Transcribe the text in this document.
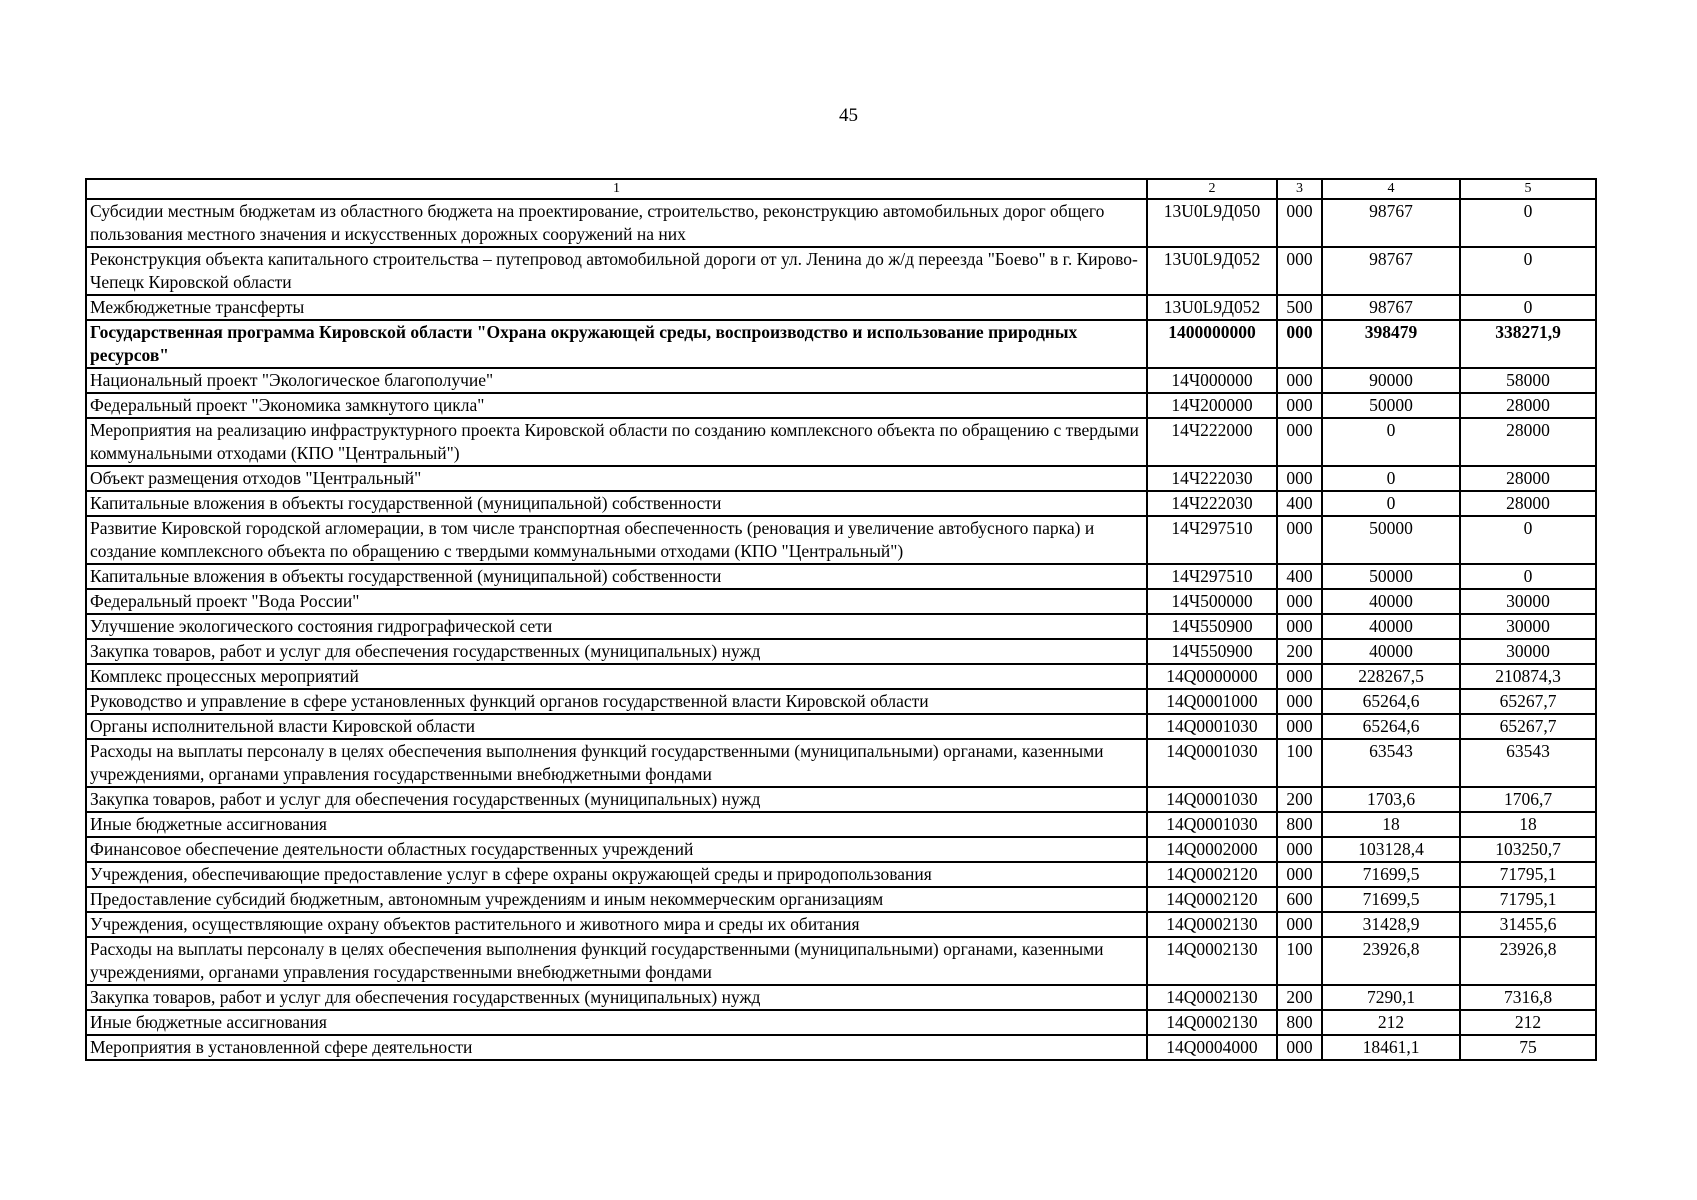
45
1	2	3	4	5
Субсидии местным бюджетам из областного бюджета на проектирование, строительство, реконструкцию автомобильных дорог общего пользования местного значения и искусственных дорожных сооружений на них	13U0L9Д050	000	98767	0
Реконструкция объекта капитального строительства – путепровод автомобильной дороги от ул. Ленина до ж/д переезда "Боево" в г. Кирово-Чепецк Кировской области	13U0L9Д052	000	98767	0
Межбюджетные трансферты	13U0L9Д052	500	98767	0
Государственная программа Кировской области "Охрана окружающей среды, воспроизводство и использование природных ресурсов"	1400000000	000	398479	338271,9
Национальный проект "Экологическое благополучие"	14Ч000000	000	90000	58000
Федеральный проект "Экономика замкнутого цикла"	14Ч200000	000	50000	28000
Мероприятия на реализацию инфраструктурного проекта Кировской области по созданию комплексного объекта по обращению с твердыми коммунальными отходами (КПО "Центральный")	14Ч222000	000	0	28000
Объект размещения отходов "Центральный"	14Ч222030	000	0	28000
Капитальные вложения в объекты государственной (муниципальной) собственности	14Ч222030	400	0	28000
Развитие Кировской городской агломерации, в том числе транспортная обеспеченность (реновация и увеличение автобусного парка) и создание комплексного объекта по обращению с твердыми коммунальными отходами (КПО "Центральный")	14Ч297510	000	50000	0
Капитальные вложения в объекты государственной (муниципальной) собственности	14Ч297510	400	50000	0
Федеральный проект "Вода России"	14Ч500000	000	40000	30000
Улучшение экологического состояния гидрографической сети	14Ч550900	000	40000	30000
Закупка товаров, работ и услуг для обеспечения государственных (муниципальных) нужд	14Ч550900	200	40000	30000
Комплекс процессных мероприятий	14Q0000000	000	228267,5	210874,3
Руководство и управление в сфере установленных функций органов государственной власти Кировской области	14Q0001000	000	65264,6	65267,7
Органы исполнительной власти Кировской области	14Q0001030	000	65264,6	65267,7
Расходы на выплаты персоналу в целях обеспечения выполнения функций государственными (муниципальными) органами, казенными учреждениями, органами управления государственными внебюджетными фондами	14Q0001030	100	63543	63543
Закупка товаров, работ и услуг для обеспечения государственных (муниципальных) нужд	14Q0001030	200	1703,6	1706,7
Иные бюджетные ассигнования	14Q0001030	800	18	18
Финансовое обеспечение деятельности областных государственных учреждений	14Q0002000	000	103128,4	103250,7
Учреждения, обеспечивающие предоставление услуг в сфере охраны окружающей среды и природопользования	14Q0002120	000	71699,5	71795,1
Предоставление субсидий бюджетным, автономным учреждениям и иным некоммерческим организациям	14Q0002120	600	71699,5	71795,1
Учреждения, осуществляющие охрану объектов растительного и животного мира и среды их обитания	14Q0002130	000	31428,9	31455,6
Расходы на выплаты персоналу в целях обеспечения выполнения функций государственными (муниципальными) органами, казенными учреждениями, органами управления государственными внебюджетными фондами	14Q0002130	100	23926,8	23926,8
Закупка товаров, работ и услуг для обеспечения государственных (муниципальных) нужд	14Q0002130	200	7290,1	7316,8
Иные бюджетные ассигнования	14Q0002130	800	212	212
Мероприятия в установленной сфере деятельности	14Q0004000	000	18461,1	75
